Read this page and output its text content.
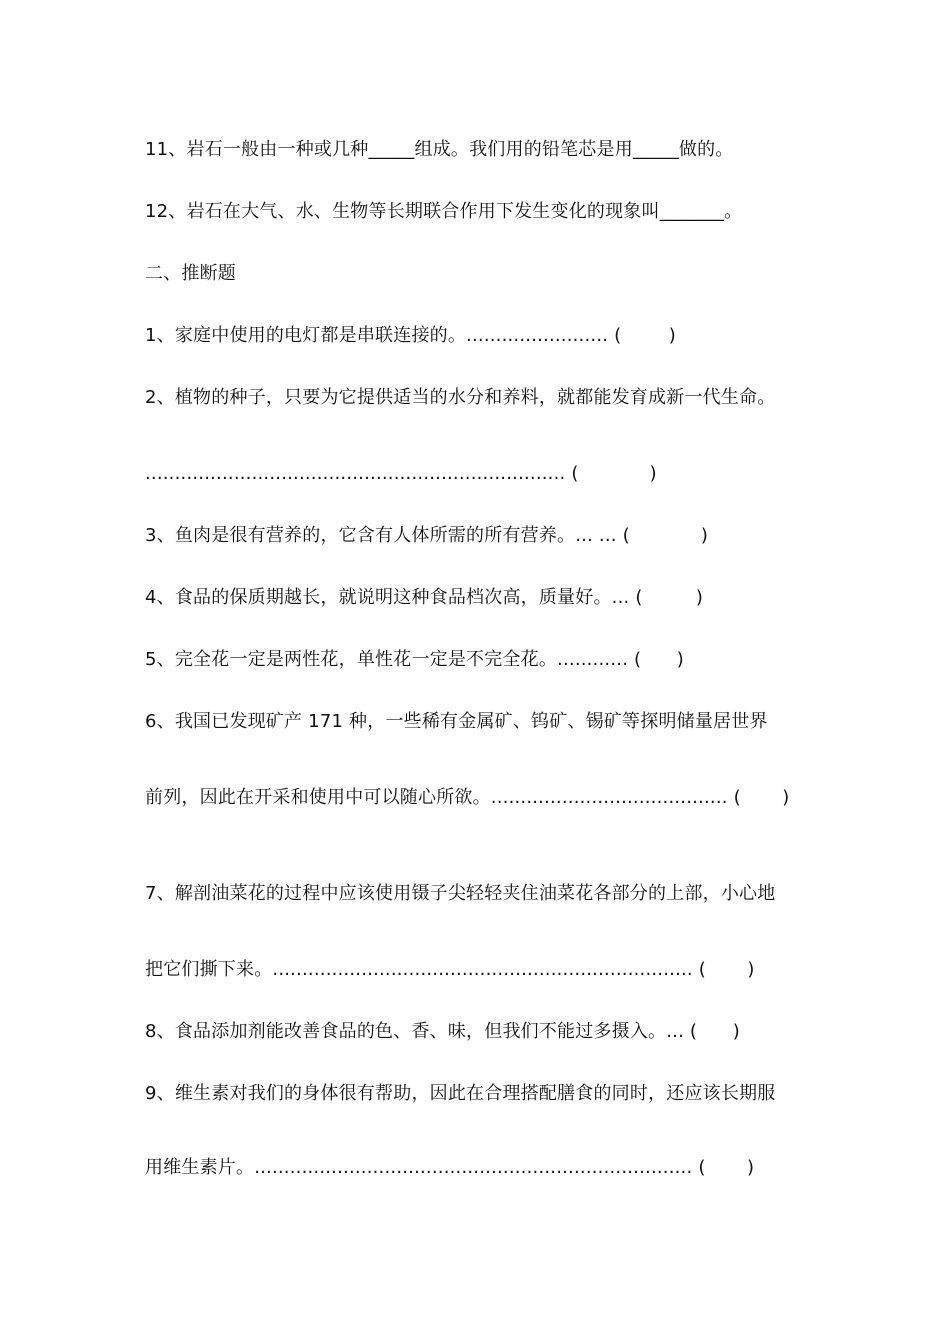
11、岩石一般由一种或几种_____组成。我们用的铅笔芯是用_____做的。
12、岩石在大气、水、生物等长期联合作用下发生变化的现象叫_______。
二、推断题
1、家庭中使用的电灯都是串联连接的。........................ (        )
2、植物的种子，只要为它提供适当的水分和养料，就都能发育成新一代生命。
....................................................................... (            )
3、鱼肉是很有营养的，它含有人体所需的所有营养。... ... (            )
4、食品的保质期越长，就说明这种食品档次高，质量好。... (         )
5、完全花一定是两性花，单性花一定是不完全花。............ (      )
6、我国已发现矿产 171 种，一些稀有金属矿、钨矿、锡矿等探明储量居世界
前列，因此在开采和使用中可以随心所欲。........................................ (       )
7、解剖油菜花的过程中应该使用镊子尖轻轻夹住油菜花各部分的上部，小心地
把它们撕下来。....................................................................... (       )
8、食品添加剂能改善食品的色、香、味，但我们不能过多摄入。... (      )
9、维生素对我们的身体很有帮助，因此在合理搭配膳食的同时，还应该长期服
用维生素片。.......................................................................... (       )
